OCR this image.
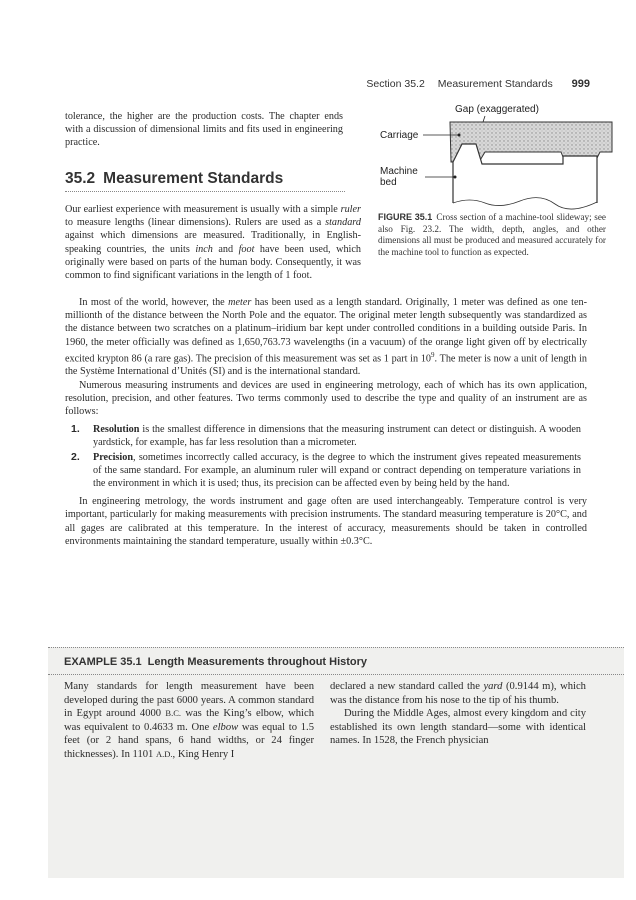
Section 35.2 Measurement Standards 999

tolerance, the higher are the production costs. The chapter ends with a discussion of dimensional limits and fits used in engineering practice.

35.2 Measurement Standards
Gap (exaggerated)
Carriage
Machine
bed
FIGURE 35.1 Cross section of a machine-tool slideway; see also Fig. 23.2. The width, depth, angles, and other dimensions all must be produced and measured accurately for the machine tool to function as expected.

Our earliest experience with measurement is usually with a simple ruler to measure lengths (linear dimensions). Rulers are used as a standard against which dimensions are measured. Traditionally, in English-speaking countries, the units inch and foot have been used, which originally were based on parts of the human body. Consequently, it was common to find significant variations in the length of 1 foot.

In most of the world, however, the meter has been used as a length standard. Originally, 1 meter was defined as one ten-millionth of the distance between the North Pole and the equator. The original meter length subsequently was standardized as the distance between two scratches on a platinum–iridium bar kept under controlled conditions in a building outside Paris. In 1960, the meter officially was defined as 1,650,763.73 wavelengths (in a vacuum) of the orange light given off by electrically excited krypton 86 (a rare gas). The precision of this measurement was set as 1 part in $10^9$. The meter is now a unit of length in the Système International d’Unités (SI) and is the international standard.

Numerous measuring instruments and devices are used in engineering metrology, each of which has its own application, resolution, precision, and other features. Two terms commonly used to describe the type and quality of an instrument are as follows:

1. Resolution is the smallest difference in dimensions that the measuring instrument can detect or distinguish. A wooden yardstick, for example, has far less resolution than a micrometer.
2. Precision, sometimes incorrectly called accuracy, is the degree to which the instrument gives repeated measurements of the same standard. For example, an aluminum ruler will expand or contract depending on temperature variations in the environment in which it is used; thus, its precision can be affected even by being held by the hand.

In engineering metrology, the words instrument and gage often are used interchangeably. Temperature control is very important, particularly for making measurements with precision instruments. The standard measuring temperature is 20°C, and all gages are calibrated at this temperature. In the interest of accuracy, measurements should be taken in controlled environments maintaining the standard temperature, usually within ±0.3°C.

EXAMPLE 35.1 Length Measurements throughout History

Many standards for length measurement have been developed during the past 6000 years. A common standard in Egypt around 4000 B.C. was the King’s elbow, which was equivalent to 0.4633 m. One elbow was equal to 1.5 feet (or 2 hand spans, 6 hand widths, or 24 finger thicknesses). In 1101 A.D., King Henry I

declared a new standard called the yard (0.9144 m), which was the distance from his nose to the tip of his thumb.

During the Middle Ages, almost every kingdom and city established its own length standard—some with identical names. In 1528, the French physician
